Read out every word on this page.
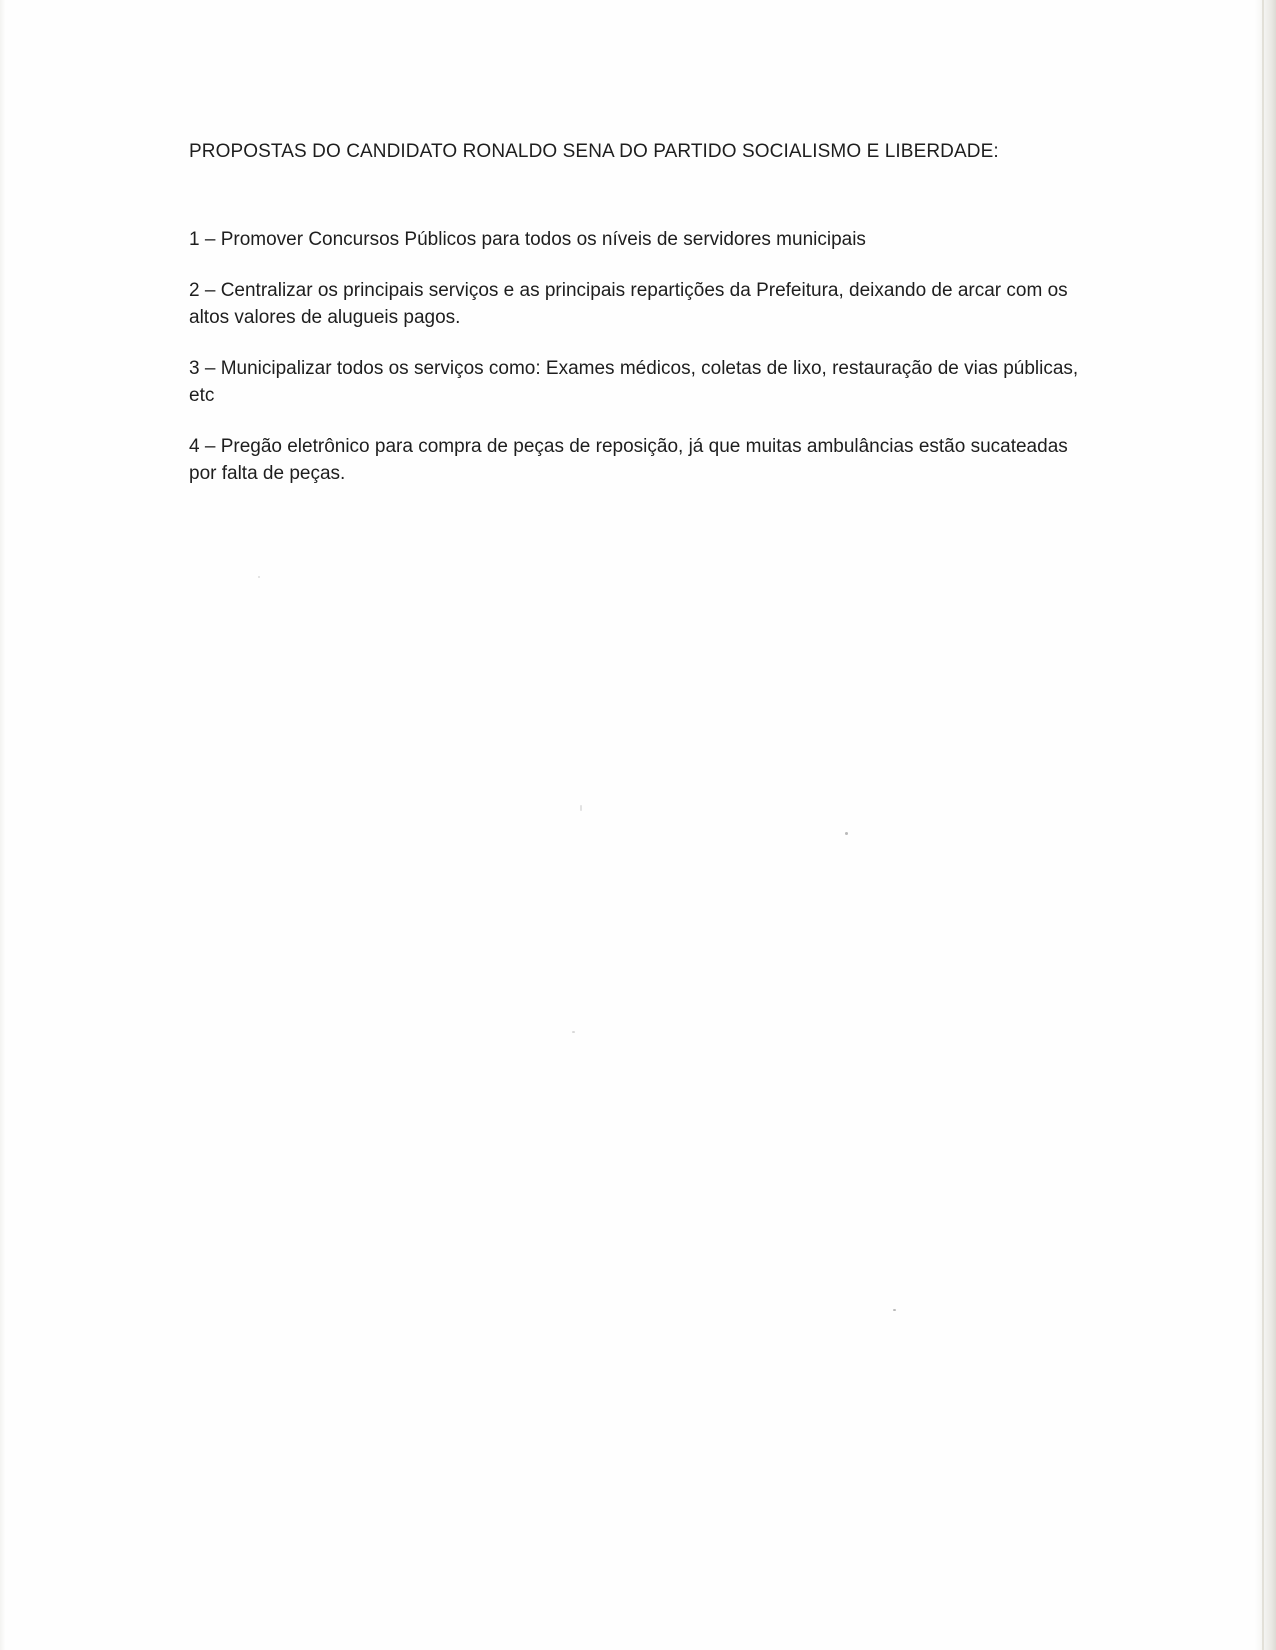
PROPOSTAS DO CANDIDATO RONALDO SENA DO PARTIDO SOCIALISMO E LIBERDADE:

1 – Promover Concursos Públicos para todos os níveis de servidores municipais

2 – Centralizar os principais serviços e as principais repartições da Prefeitura, deixando de arcar com os altos valores de alugueis pagos.

3 – Municipalizar todos os serviços como: Exames médicos, coletas de lixo, restauração de vias públicas, etc

4 – Pregão eletrônico para compra de peças de reposição, já que muitas ambulâncias estão sucateadas por falta de peças.
